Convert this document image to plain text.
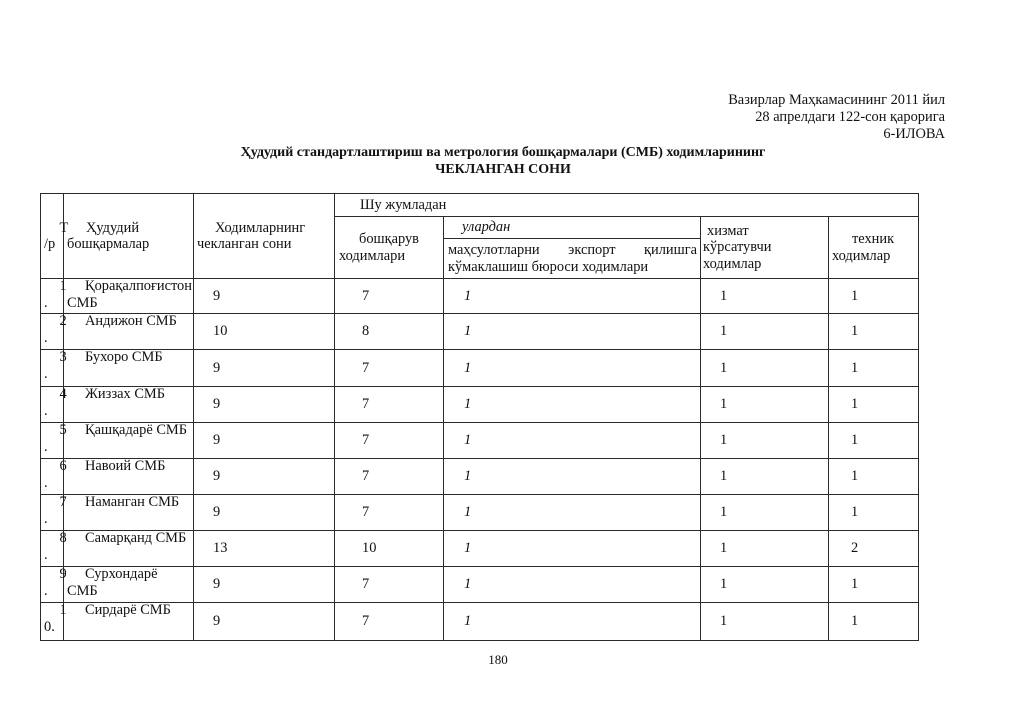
Вазирлар Маҳкамасининг 2011 йил
28 апрелдаги 122-сон қарорига
6-ИЛОВА
Ҳудудий стандартлаштириш ва метрология бошқармалари (СМБ) ходимларининг
ЧЕКЛАНГАН СОНИ
Т
/р	Ҳудудий бошқармалар	Ходимларнинг чекланган сони	Шу жумладан			

			бошқарув ходимлари	улардан	хизмат кўрсатувчи ходимлар	техник ходимлар

				маҳсулотларни экспорт қилишга
кўмаклашиш бюроси ходимлари		

1
.	Қорақалпоғистон СМБ	9	7	1	1	1

2
.	Андижон СМБ	10	8	1	1	1

3
.	Бухоро СМБ	9	7	1	1	1

4
.	Жиззах СМБ	9	7	1	1	1

5
.	Қашқадарё СМБ	9	7	1	1	1

6
.	Навоий СМБ	9	7	1	1	1

7
.	Наманган СМБ	9	7	1	1	1

8
.	Самарқанд СМБ	13	10	1	1	2

9
.	Сурхондарё СМБ	9	7	1	1	1

1
0.	Сирдарё СМБ	9	7	1	1	1
180
